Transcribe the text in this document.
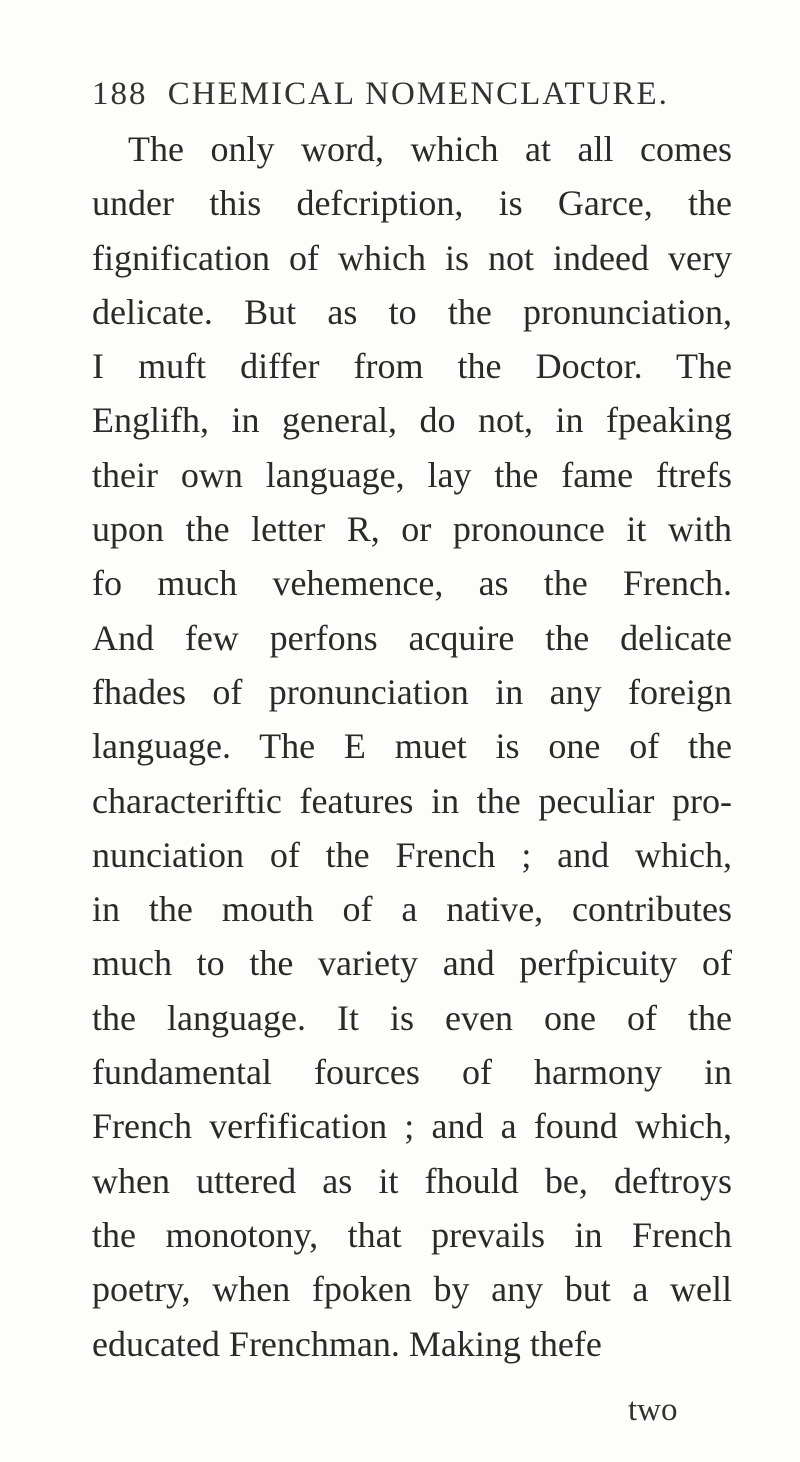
188 CHEMICAL NOMENCLATURE.
The only word, which at all comes
under this defcription, is Garce, the
fignification of which is not indeed very
delicate. But as to the pronunciation,
I muft differ from the Doctor. The
Englifh, in general, do not, in fpeaking
their own language, lay the fame ftrefs
upon the letter R, or pronounce it with
fo much vehemence, as the French.
And few perfons acquire the delicate
fhades of pronunciation in any foreign
language. The E muet is one of the
characteriftic features in the peculiar pro-
nunciation of the French ; and which,
in the mouth of a native, contributes
much to the variety and perfpicuity of
the language. It is even one of the
fundamental fources of harmony in
French verfification ; and a found which,
when uttered as it fhould be, deftroys
the monotony, that prevails in French
poetry, when fpoken by any but a well
educated Frenchman. Making thefe
two
